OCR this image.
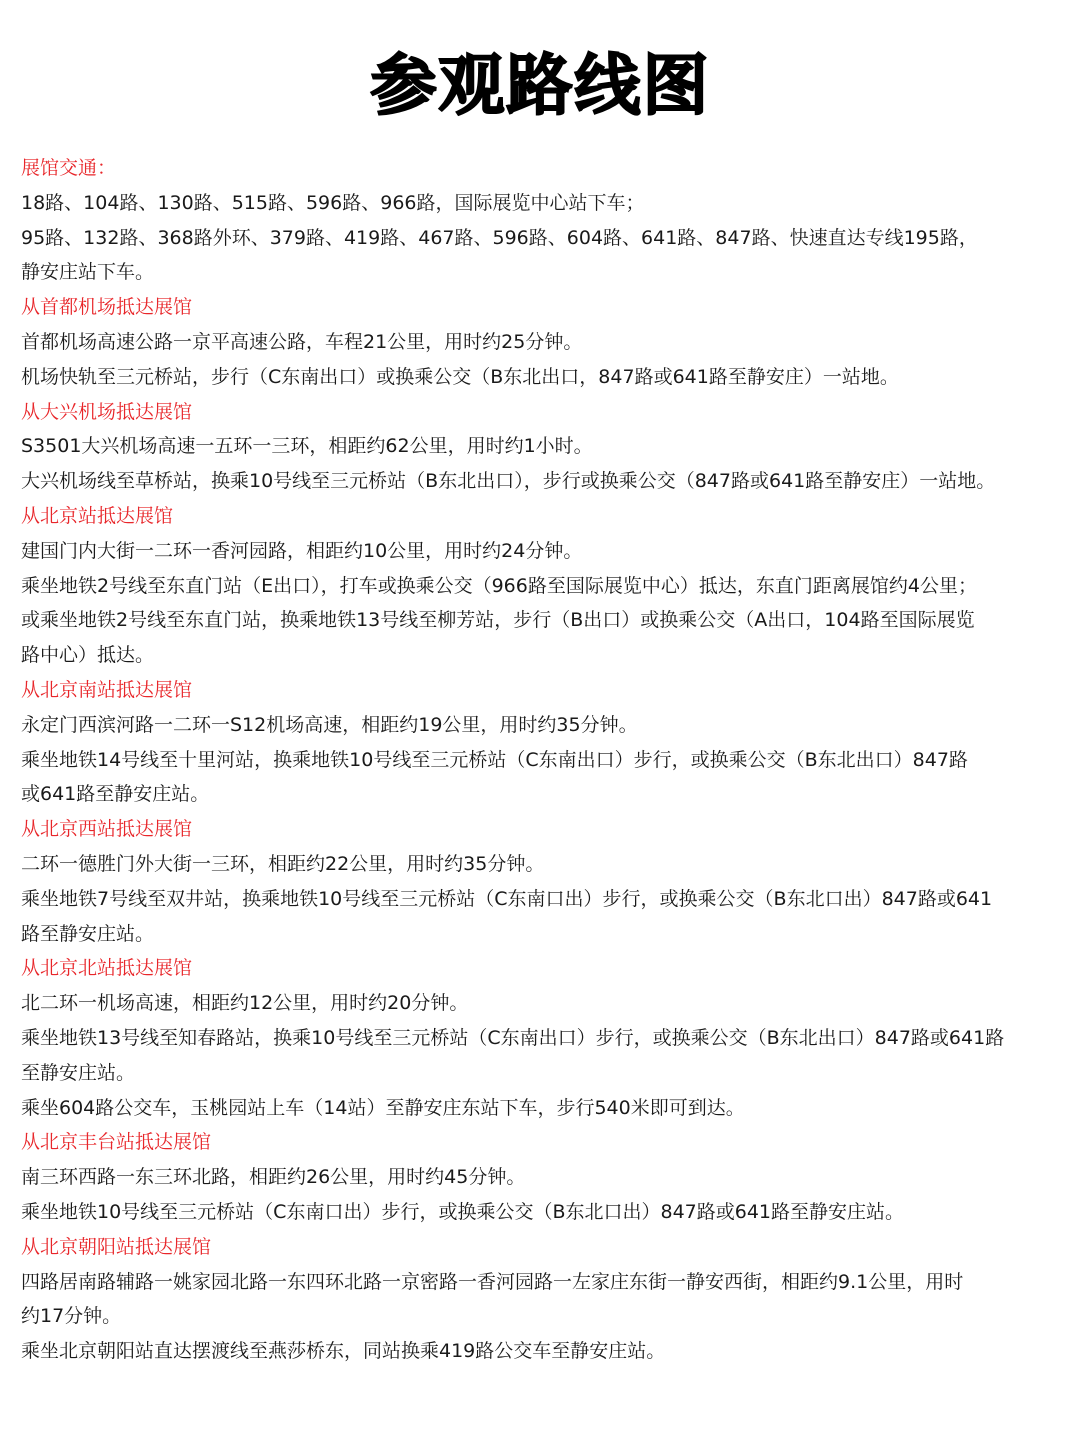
参观路线图
展馆交通：
18路、104路、130路、515路、596路、966路，国际展览中心站下车；
95路、132路、368路外环、379路、419路、467路、596路、604路、641路、847路、快速直达专线195路，
静安庄站下车。
从首都机场抵达展馆
首都机场高速公路一京平高速公路，车程21公里，用时约25分钟。
机场快轨至三元桥站，步行（C东南出口）或换乘公交（B东北出口，847路或641路至静安庄）一站地。
从大兴机场抵达展馆
S3501大兴机场高速一五环一三环，相距约62公里，用时约1小时。
大兴机场线至草桥站，换乘10号线至三元桥站（B东北出口），步行或换乘公交（847路或641路至静安庄）一站地。
从北京站抵达展馆
建国门内大街一二环一香河园路，相距约10公里，用时约24分钟。
乘坐地铁2号线至东直门站（E出口），打车或换乘公交（966路至国际展览中心）抵达，东直门距离展馆约4公里；
或乘坐地铁2号线至东直门站，换乘地铁13号线至柳芳站，步行（B出口）或换乘公交（A出口，104路至国际展览
路中心）抵达。
从北京南站抵达展馆
永定门西滨河路一二环一S12机场高速，相距约19公里，用时约35分钟。
乘坐地铁14号线至十里河站，换乘地铁10号线至三元桥站（C东南出口）步行，或换乘公交（B东北出口）847路
或641路至静安庄站。
从北京西站抵达展馆
二环一德胜门外大街一三环，相距约22公里，用时约35分钟。
乘坐地铁7号线至双井站，换乘地铁10号线至三元桥站（C东南口出）步行，或换乘公交（B东北口出）847路或641
路至静安庄站。
从北京北站抵达展馆
北二环一机场高速，相距约12公里，用时约20分钟。
乘坐地铁13号线至知春路站，换乘10号线至三元桥站（C东南出口）步行，或换乘公交（B东北出口）847路或641路
至静安庄站。
乘坐604路公交车，玉桃园站上车（14站）至静安庄东站下车，步行540米即可到达。
从北京丰台站抵达展馆
南三环西路一东三环北路，相距约26公里，用时约45分钟。
乘坐地铁10号线至三元桥站（C东南口出）步行，或换乘公交（B东北口出）847路或641路至静安庄站。
从北京朝阳站抵达展馆
四路居南路辅路一姚家园北路一东四环北路一京密路一香河园路一左家庄东街一静安西街，相距约9.1公里，用时
约17分钟。
乘坐北京朝阳站直达摆渡线至燕莎桥东，同站换乘419路公交车至静安庄站。
